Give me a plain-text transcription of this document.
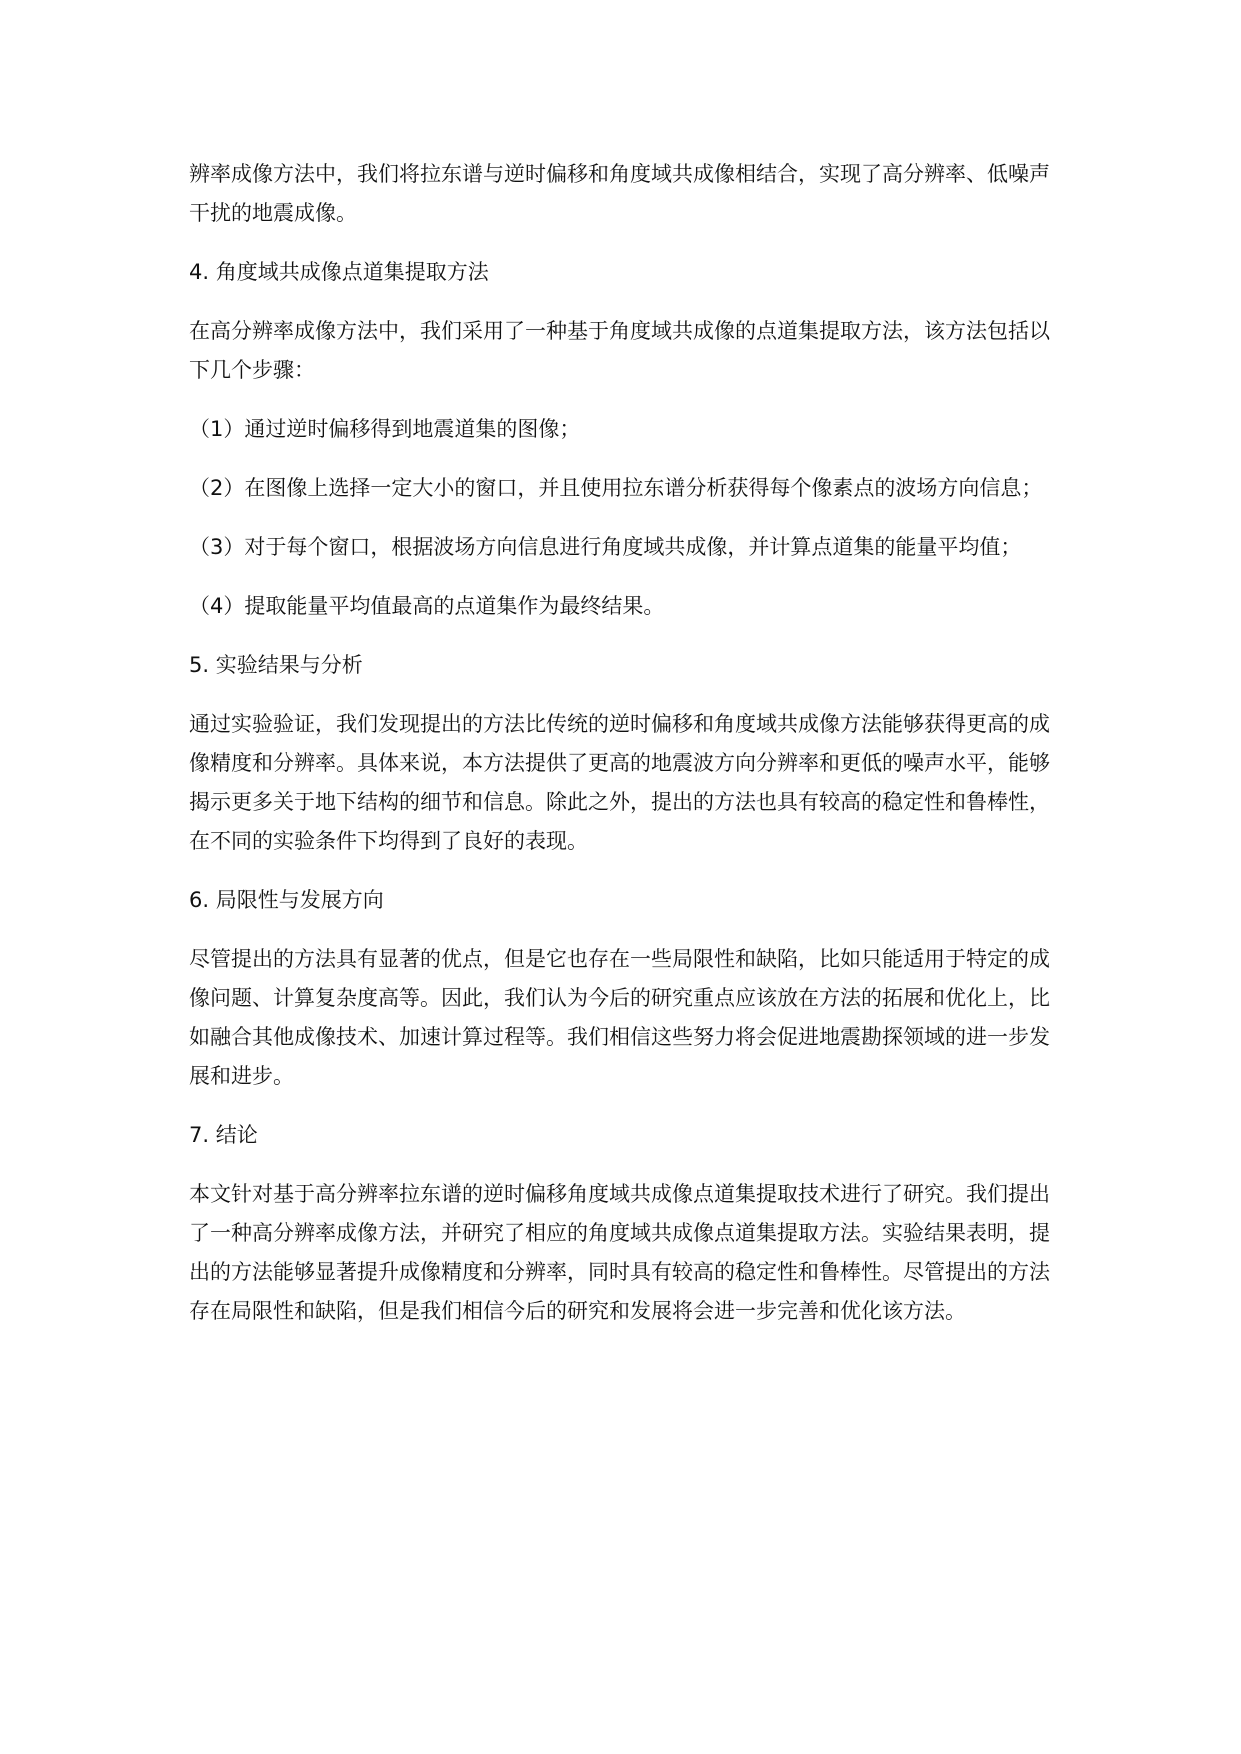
辨率成像方法中，我们将拉东谱与逆时偏移和角度域共成像相结合，实现了高分辨率、低噪声干扰的地震成像。

4. 角度域共成像点道集提取方法

在高分辨率成像方法中，我们采用了一种基于角度域共成像的点道集提取方法，该方法包括以下几个步骤：

（1）通过逆时偏移得到地震道集的图像；

（2）在图像上选择一定大小的窗口，并且使用拉东谱分析获得每个像素点的波场方向信息；

（3）对于每个窗口，根据波场方向信息进行角度域共成像，并计算点道集的能量平均值；

（4）提取能量平均值最高的点道集作为最终结果。

5. 实验结果与分析

通过实验验证，我们发现提出的方法比传统的逆时偏移和角度域共成像方法能够获得更高的成像精度和分辨率。具体来说，本方法提供了更高的地震波方向分辨率和更低的噪声水平，能够揭示更多关于地下结构的细节和信息。除此之外，提出的方法也具有较高的稳定性和鲁棒性，在不同的实验条件下均得到了良好的表现。

6. 局限性与发展方向

尽管提出的方法具有显著的优点，但是它也存在一些局限性和缺陷，比如只能适用于特定的成像问题、计算复杂度高等。因此，我们认为今后的研究重点应该放在方法的拓展和优化上，比如融合其他成像技术、加速计算过程等。我们相信这些努力将会促进地震勘探领域的进一步发展和进步。

7. 结论

本文针对基于高分辨率拉东谱的逆时偏移角度域共成像点道集提取技术进行了研究。我们提出了一种高分辨率成像方法，并研究了相应的角度域共成像点道集提取方法。实验结果表明，提出的方法能够显著提升成像精度和分辨率，同时具有较高的稳定性和鲁棒性。尽管提出的方法存在局限性和缺陷，但是我们相信今后的研究和发展将会进一步完善和优化该方法。
